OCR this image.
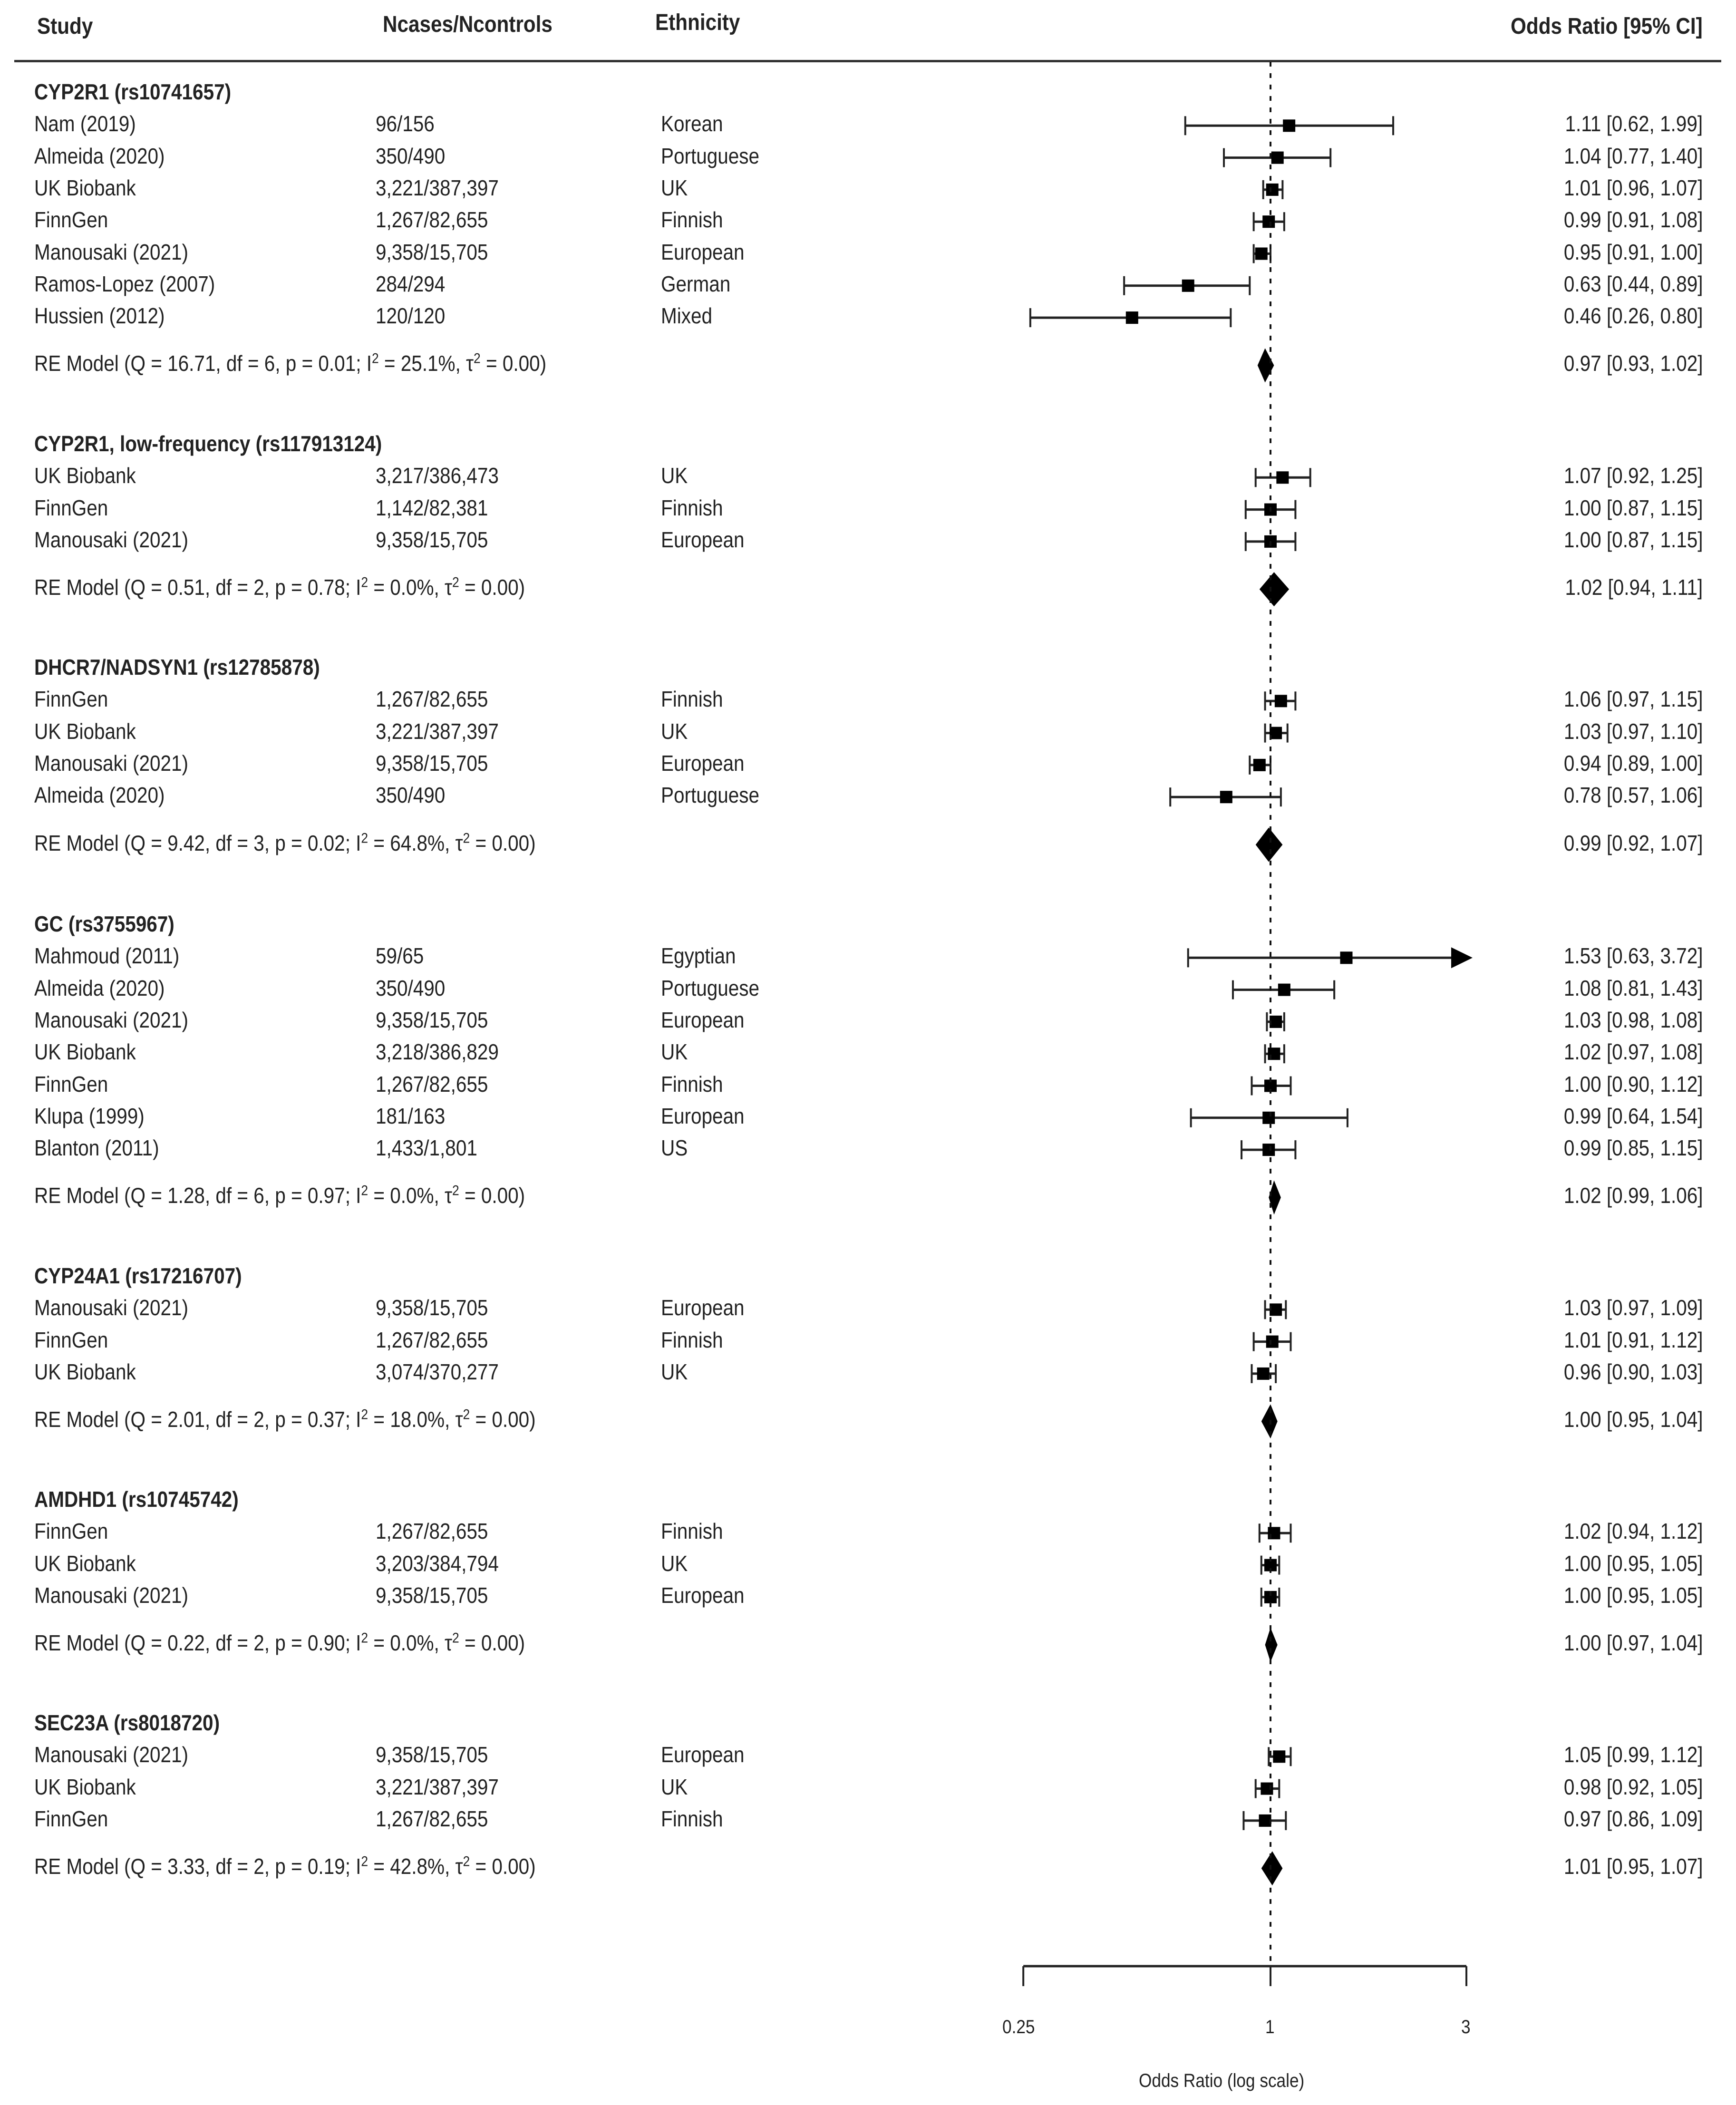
Study	Ncases/Ncontrols	Ethnicity	Odds Ratio [95% CI]
CYP2R1 (rs10741657)
Nam (2019)	96/156	Korean	1.11 [0.62, 1.99]
Almeida (2020)	350/490	Portuguese	1.04 [0.77, 1.40]
UK Biobank	3,221/387,397	UK	1.01 [0.96, 1.07]
FinnGen	1,267/82,655	Finnish	0.99 [0.91, 1.08]
Manousaki (2021)	9,358/15,705	European	0.95 [0.91, 1.00]
Ramos-Lopez (2007)	284/294	German	0.63 [0.44, 0.89]
Hussien (2012)	120/120	Mixed	0.46 [0.26, 0.80]
RE Model (Q = 16.71, df = 6, p = 0.01; $I^2 = 25.1\%$, $\tau^2 = 0.00$)	0.97 [0.93, 1.02]
CYP2R1, low-frequency (rs117913124)
UK Biobank	3,217/386,473	UK	1.07 [0.92, 1.25]
FinnGen	1,142/82,381	Finnish	1.00 [0.87, 1.15]
Manousaki (2021)	9,358/15,705	European	1.00 [0.87, 1.15]
RE Model (Q = 0.51, df = 2, p = 0.78; $I^2 = 0.0\%$, $\tau^2 = 0.00$)	1.02 [0.94, 1.11]
DHCR7/NADSYN1 (rs12785878)
FinnGen	1,267/82,655	Finnish	1.06 [0.97, 1.15]
UK Biobank	3,221/387,397	UK	1.03 [0.97, 1.10]
Manousaki (2021)	9,358/15,705	European	0.94 [0.89, 1.00]
Almeida (2020)	350/490	Portuguese	0.78 [0.57, 1.06]
RE Model (Q = 9.42, df = 3, p = 0.02; $I^2 = 64.8\%$, $\tau^2 = 0.00$)	0.99 [0.92, 1.07]
GC (rs3755967)
Mahmoud (2011)	59/65	Egyptian	1.53 [0.63, 3.72]
Almeida (2020)	350/490	Portuguese	1.08 [0.81, 1.43]
Manousaki (2021)	9,358/15,705	European	1.03 [0.98, 1.08]
UK Biobank	3,218/386,829	UK	1.02 [0.97, 1.08]
FinnGen	1,267/82,655	Finnish	1.00 [0.90, 1.12]
Klupa (1999)	181/163	European	0.99 [0.64, 1.54]
Blanton (2011)	1,433/1,801	US	0.99 [0.85, 1.15]
RE Model (Q = 1.28, df = 6, p = 0.97; $I^2 = 0.0\%$, $\tau^2 = 0.00$)	1.02 [0.99, 1.06]
CYP24A1 (rs17216707)
Manousaki (2021)	9,358/15,705	European	1.03 [0.97, 1.09]
FinnGen	1,267/82,655	Finnish	1.01 [0.91, 1.12]
UK Biobank	3,074/370,277	UK	0.96 [0.90, 1.03]
RE Model (Q = 2.01, df = 2, p = 0.37; $I^2 = 18.0\%$, $\tau^2 = 0.00$)	1.00 [0.95, 1.04]
AMDHD1 (rs10745742)
FinnGen	1,267/82,655	Finnish	1.02 [0.94, 1.12]
UK Biobank	3,203/384,794	UK	1.00 [0.95, 1.05]
Manousaki (2021)	9,358/15,705	European	1.00 [0.95, 1.05]
RE Model (Q = 0.22, df = 2, p = 0.90; $I^2 = 0.0\%$, $\tau^2 = 0.00$)	1.00 [0.97, 1.04]
SEC23A (rs8018720)
Manousaki (2021)	9,358/15,705	European	1.05 [0.99, 1.12]
UK Biobank	3,221/387,397	UK	0.98 [0.92, 1.05]
FinnGen	1,267/82,655	Finnish	0.97 [0.86, 1.09]
RE Model (Q = 3.33, df = 2, p = 0.19; $I^2 = 42.8\%$, $\tau^2 = 0.00$)	1.01 [0.95, 1.07]
0.25	1	3
Odds Ratio (log scale)
